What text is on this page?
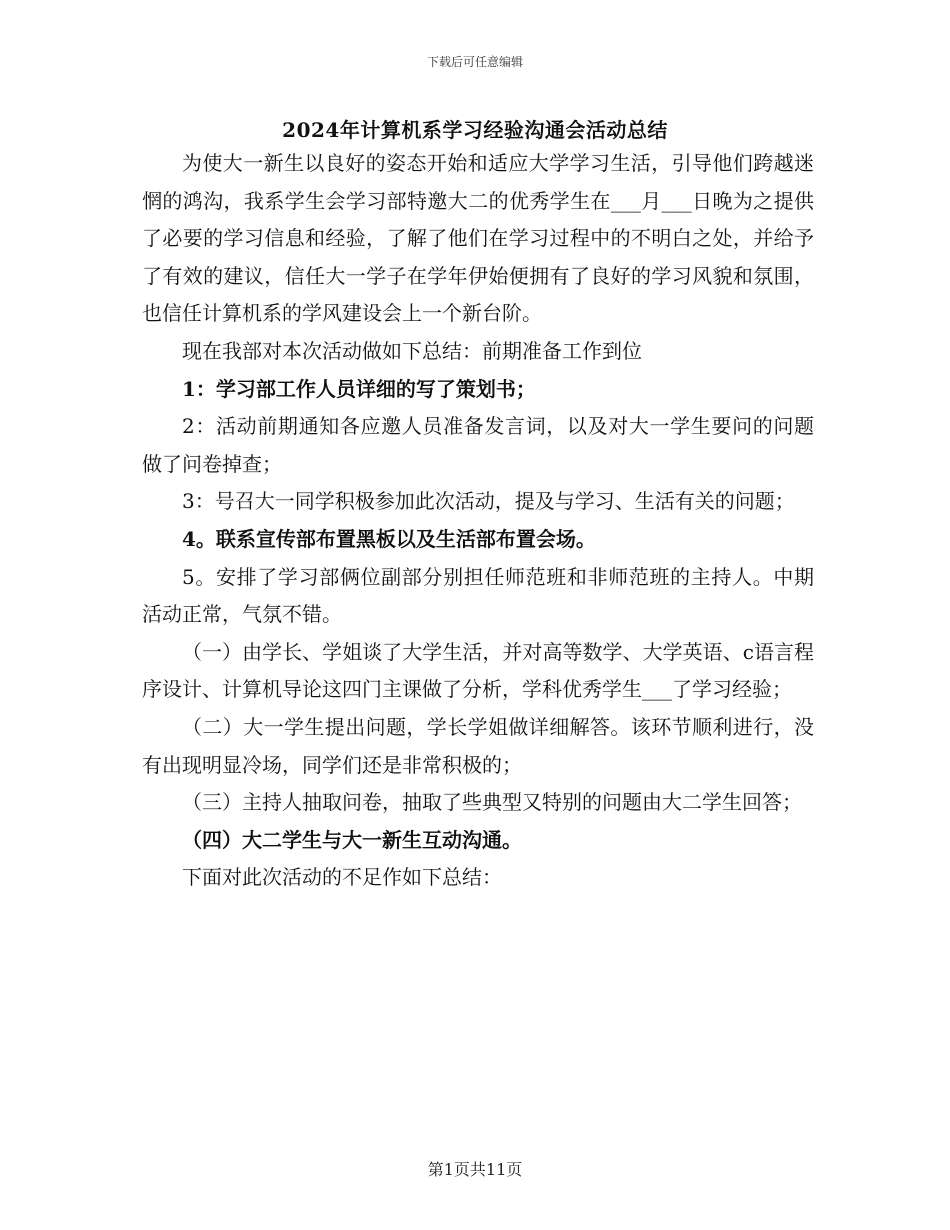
下载后可任意编辑
2024年计算机系学习经验沟通会活动总结

为使大一新生以良好的姿态开始和适应大学学习生活，引导他们跨越迷惘的鸿沟，我系学生会学习部特邀大二的优秀学生在___月___日晚为之提供了必要的学习信息和经验，了解了他们在学习过程中的不明白之处，并给予了有效的建议，信任大一学子在学年伊始便拥有了良好的学习风貌和氛围，也信任计算机系的学风建设会上一个新台阶。

现在我部对本次活动做如下总结：前期准备工作到位

1：学习部工作人员详细的写了策划书；

2：活动前期通知各应邀人员准备发言词，以及对大一学生要问的问题做了问卷掉查；

3：号召大一同学积极参加此次活动，提及与学习、生活有关的问题；

4。联系宣传部布置黑板以及生活部布置会场。

5。安排了学习部俩位副部分别担任师范班和非师范班的主持人。中期活动正常，气氛不错。

（一）由学长、学姐谈了大学生活，并对高等数学、大学英语、c语言程序设计、计算机导论这四门主课做了分析，学科优秀学生___了学习经验；

（二）大一学生提出问题，学长学姐做详细解答。该环节顺利进行，没有出现明显冷场，同学们还是非常积极的；

（三）主持人抽取问卷，抽取了些典型又特别的问题由大二学生回答；

（四）大二学生与大一新生互动沟通。

下面对此次活动的不足作如下总结：

第1页共11页
